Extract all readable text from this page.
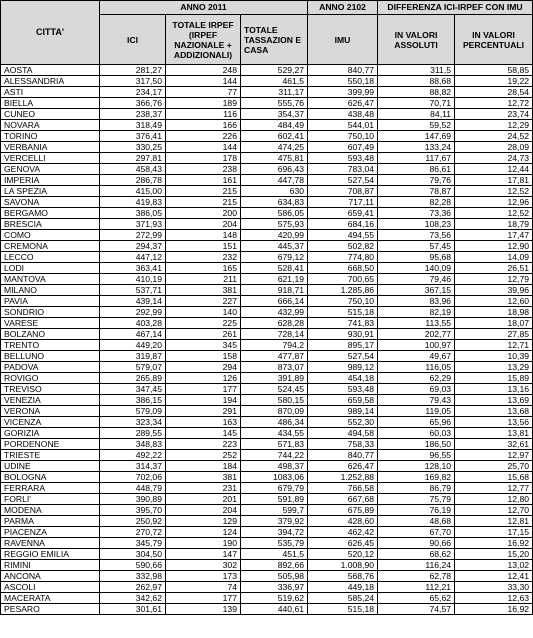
CITTA'	ANNO 2011			ANNO 2102	DIFFERENZA ICI-IRPEF CON IMU	
	ICI	TOTALE IRPEF (IRPEF NAZIONALE + ADDIZIONALI)	TOTALE TASSAZION E CASA	IMU	IN VALORI ASSOLUTI	IN VALORI PERCENTUALI
AOSTA	281,27	248	529,27	840,77	311,5	58,85
ALESSANDRIA	317,50	144	461,5	550,18	88,68	19,22
ASTI	234,17	77	311,17	399,99	88,82	28,54
BIELLA	366,76	189	555,76	626,47	70,71	12,72
CUNEO	238,37	116	354,37	438,48	84,11	23,74
NOVARA	318,49	166	484,49	544,01	59,52	12,29
TORINO	376,41	226	602,41	750,10	147,69	24,52
VERBANIA	330,25	144	474,25	607,49	133,24	28,09
VERCELLI	297,81	178	475,81	593,48	117,67	24,73
GENOVA	458,43	238	696,43	783,04	86,61	12,44
IMPERIA	286,78	161	447,78	527,54	79,76	17,81
LA SPEZIA	415,00	215	630	708,87	78,87	12,52
SAVONA	419,83	215	634,83	717,11	82,28	12,96
BERGAMO	386,05	200	586,05	659,41	73,36	12,52
BRESCIA	371,93	204	575,93	684,16	108,23	18,79
COMO	272,99	148	420,99	494,55	73,56	17,47
CREMONA	294,37	151	445,37	502,82	57,45	12,90
LECCO	447,12	232	679,12	774,80	95,68	14,09
LODI	363,41	165	528,41	668,50	140,09	26,51
MANTOVA	410,19	211	621,19	700,65	79,46	12,79
MILANO	537,71	381	918,71	1.285,86	367,15	39,96
PAVIA	439,14	227	666,14	750,10	83,96	12,60
SONDRIO	292,99	140	432,99	515,18	82,19	18,98
VARESE	403,28	225	628,28	741,83	113,55	18,07
BOLZANO	467,14	261	728,14	930,91	202,77	27,85
TRENTO	449,20	345	794,2	895,17	100,97	12,71
BELLUNO	319,87	158	477,87	527,54	49,67	10,39
PADOVA	579,07	294	873,07	989,12	116,05	13,29
ROVIGO	265,89	126	391,89	454,18	62,29	15,89
TREVISO	347,45	177	524,45	593,48	69,03	13,16
VENEZIA	386,15	194	580,15	659,58	79,43	13,69
VERONA	579,09	291	870,09	989,14	119,05	13,68
VICENZA	323,34	163	486,34	552,30	65,96	13,56
GORIZIA	289,55	145	434,55	494,58	60,03	13,81
PORDENONE	348,83	223	571,83	758,33	186,50	32,61
TRIESTE	492,22	252	744,22	840,77	96,55	12,97
UDINE	314,37	184	498,37	626,47	128,10	25,70
BOLOGNA	702,06	381	1083,06	1.252,88	169,82	15,68
FERRARA	448,79	231	679,79	766,58	86,79	12,77
FORLI'	390,89	201	591,89	667,68	75,79	12,80
MODENA	395,70	204	599,7	675,89	76,19	12,70
PARMA	250,92	129	379,92	428,60	48,68	12,81
PIACENZA	270,72	124	394,72	462,42	67,70	17,15
RAVENNA	345,79	190	535,79	626,45	90,66	16,92
REGGIO EMILIA	304,50	147	451,5	520,12	68,62	15,20
RIMINI	590,66	302	892,66	1.008,90	116,24	13,02
ANCONA	332,98	173	505,98	568,76	62,78	12,41
ASCOLI	262,97	74	336,97	449,18	112,21	33,30
MACERATA	342,62	177	519,62	585,24	65,62	12,63
PESARO	301,61	139	440,61	515,18	74,57	16,92
